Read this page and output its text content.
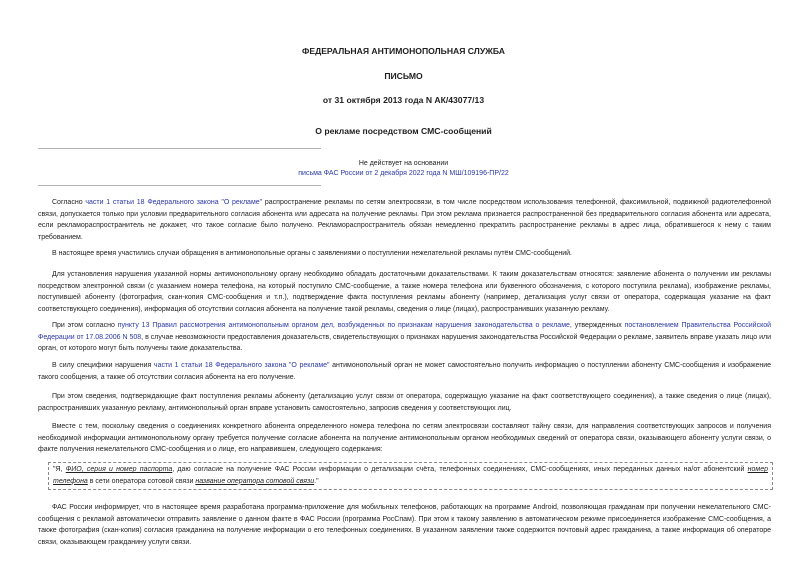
ФЕДЕРАЛЬНАЯ АНТИМОНОПОЛЬНАЯ СЛУЖБА
ПИСЬМО
от 31 октября 2013 года N АК/43077/13
О рекламе посредством СМС-сообщений
Не действует на основании
письма ФАС России от 2 декабря 2022 года N МШ/109196-ПР/22
Согласно части 1 статьи 18 Федерального закона "О рекламе" распространение рекламы по сетям электросвязи, в том числе посредством использования телефонной, факсимильной, подвижной радиотелефонной связи, допускается только при условии предварительного согласия абонента или адресата на получение рекламы. При этом реклама признается распространенной без предварительного согласия абонента или адресата, если рекламораспространитель не докажет, что такое согласие было получено. Рекламораспространитель обязан немедленно прекратить распространение рекламы в адрес лица, обратившегося к нему с таким требованием.
В настоящее время участились случаи обращения в антимонопольные органы с заявлениями о поступлении нежелательной рекламы путём СМС-сообщений.
Для установления нарушения указанной нормы антимонопольному органу необходимо обладать достаточными доказательствами. К таким доказательствам относятся: заявление абонента о получении им рекламы посредством электронной связи (с указанием номера телефона, на который поступило СМС-сообщение, а также номера телефона или буквенного обозначения, с которого поступила реклама), изображение рекламы, поступившей абоненту (фотография, скан-копия СМС-сообщения и т.п.), подтверждение факта поступления рекламы абоненту (например, детализация услуг связи от оператора, содержащая указание на факт соответствующего соединения), информация об отсутствии согласия абонента на получение такой рекламы, сведения о лице (лицах), распространивших указанную рекламу.
При этом согласно пункту 13 Правил рассмотрения антимонопольным органом дел, возбужденных по признакам нарушения законодательства о рекламе, утвержденных постановлением Правительства Российской Федерации от 17.08.2006 N 508, в случае невозможности предоставления доказательств, свидетельствующих о признаках нарушения законодательства Российской Федерации о рекламе, заявитель вправе указать лицо или орган, от которого могут быть получены такие доказательства.
В силу специфики нарушения части 1 статьи 18 Федерального закона "О рекламе" антимонопольный орган не может самостоятельно получить информацию о поступлении абоненту СМС-сообщения и изображение такого сообщения, а также об отсутствии согласия абонента на его получение.
При этом сведения, подтверждающие факт поступления рекламы абоненту (детализацию услуг связи от оператора, содержащую указание на факт соответствующего соединения), а также сведения о лице (лицах), распространивших указанную рекламу, антимонопольный орган вправе установить самостоятельно, запросив сведения у соответствующих лиц.
Вместе с тем, поскольку сведения о соединениях конкретного абонента определенного номера телефона по сетям электросвязи составляют тайну связи, для направления соответствующих запросов и получения необходимой информации антимонопольному органу требуется получение согласие абонента на получение антимонопольным органом необходимых сведений от оператора связи, оказывающего абоненту услуги связи, о факте получения нежелательного СМС-сообщения и о лице, его направившем, следующего содержания:
"Я, ФИО, серия и номер паспорта, даю согласие на получение ФАС России информации о детализации счёта, телефонных соединениях, СМС-сообщениях, иных переданных данных на/от абонентский номер телефона в сети оператора сотовой связи название оператора сотовой связи."
ФАС России информирует, что в настоящее время разработана программа-приложение для мобильных телефонов, работающих на программе Android, позволяющая гражданам при получении нежелательного СМС-сообщения с рекламой автоматически отправить заявление о данном факте в ФАС России (программа РосСпам). При этом к такому заявлению в автоматическом режиме присоединяется изображение СМС-сообщения, а также фотография (скан-копия) согласия гражданина на получение информации о его телефонных соединениях. В указанном заявлении также содержится почтовый адрес гражданина, а также информация об операторе связи, оказывающем гражданину услуги связи.
